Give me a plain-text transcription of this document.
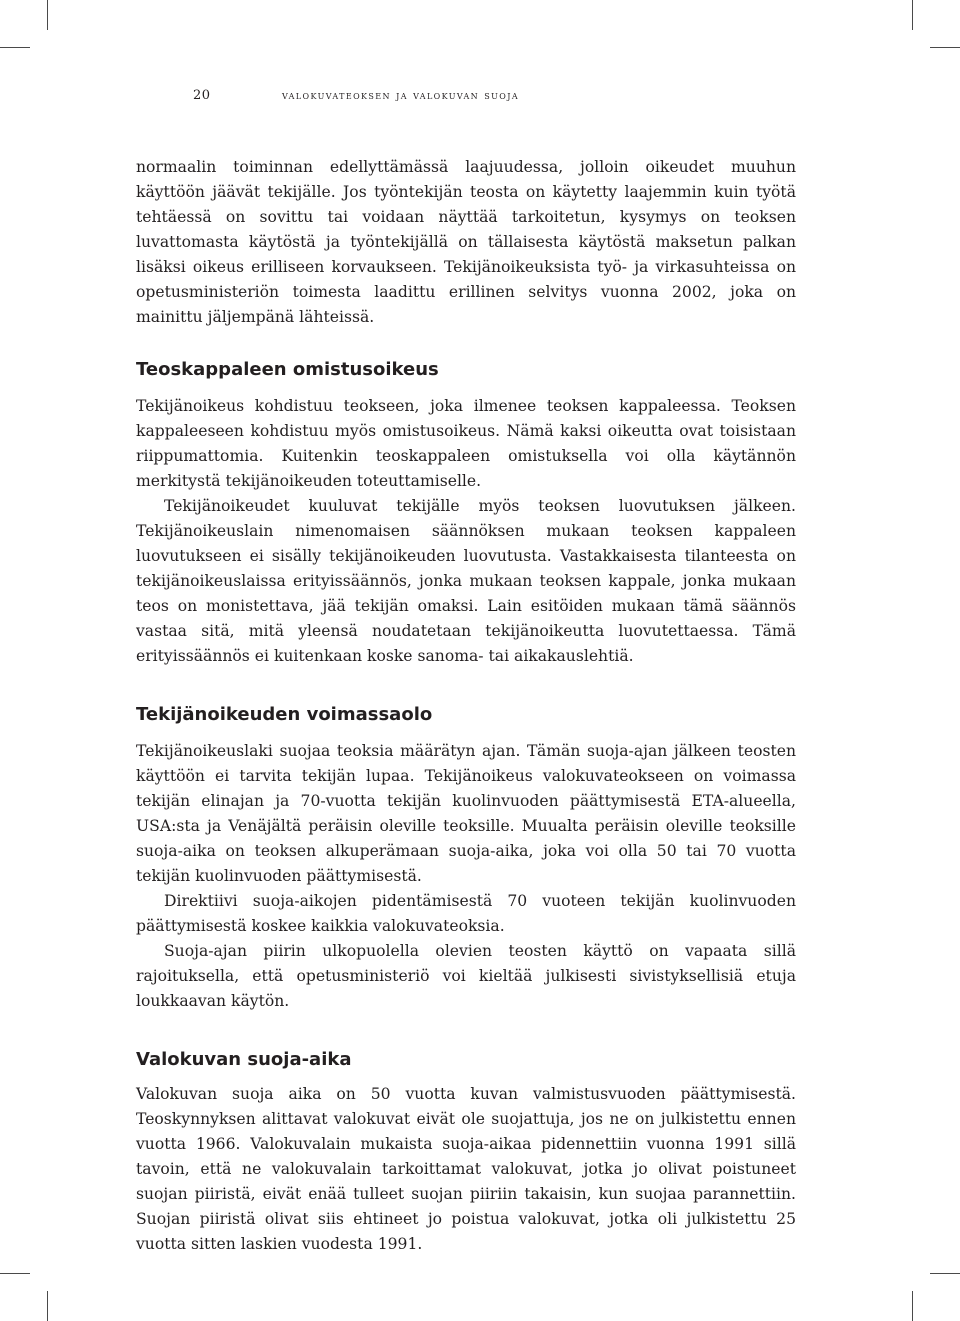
20	valokuvateoksen ja valokuvan suoja

normaalin toiminnan edellyttämässä laajuudessa, jolloin oikeudet muuhun käyttöön jäävät tekijälle. Jos työntekijän teosta on käytetty laajemmin kuin työtä tehtäessä on sovittu tai voidaan näyttää tarkoitetun, kysymys on teoksen luvattomasta käytöstä ja työntekijällä on tällaisesta käytöstä maksetun palkan lisäksi oikeus erilliseen korvaukseen. Tekijänoikeuksista työ- ja virkasuhteissa on opetusministeriön toimesta laadittu erillinen selvitys vuonna 2002, joka on mainittu jäljempänä lähteissä.

Teoskappaleen omistusoikeus

Tekijänoikeus kohdistuu teokseen, joka ilmenee teoksen kappaleessa. Teoksen kappaleeseen kohdistuu myös omistusoikeus. Nämä kaksi oikeutta ovat toisistaan riippumattomia. Kuitenkin teoskappaleen omistuksella voi olla käytännön merkitystä tekijänoikeuden toteuttamiselle.

Tekijänoikeudet kuuluvat tekijälle myös teoksen luovutuksen jälkeen. Tekijänoikeuslain nimenomaisen säännöksen mukaan teoksen kappaleen luovutukseen ei sisälly tekijänoikeuden luovutusta. Vastakkaisesta tilanteesta on tekijänoikeuslaissa erityissäännös, jonka mukaan teoksen kappale, jonka mukaan teos on monistettava, jää tekijän omaksi. Lain esitöiden mukaan tämä säännös vastaa sitä, mitä yleensä noudatetaan tekijänoikeutta luovutettaessa. Tämä erityissäännös ei kuitenkaan koske sanoma- tai aikakauslehtiä.

Tekijänoikeuden voimassaolo

Tekijänoikeuslaki suojaa teoksia määrätyn ajan. Tämän suoja-ajan jälkeen teosten käyttöön ei tarvita tekijän lupaa. Tekijänoikeus valokuvateokseen on voimassa tekijän elinajan ja 70-vuotta tekijän kuolinvuoden päättymisestä ETA-alueella, USA:sta ja Venäjältä peräisin oleville teoksille. Muualta peräisin oleville teoksille suoja-aika on teoksen alkuperämaan suoja-aika, joka voi olla 50 tai 70 vuotta tekijän kuolinvuoden päättymisestä.

Direktiivi suoja-aikojen pidentämisestä 70 vuoteen tekijän kuolinvuoden päättymisestä koskee kaikkia valokuvateoksia.

Suoja-ajan piirin ulkopuolella olevien teosten käyttö on vapaata sillä rajoituksella, että opetusministeriö voi kieltää julkisesti sivistyksellisiä etuja loukkaavan käytön.

Valokuvan suoja-aika

Valokuvan suoja aika on 50 vuotta kuvan valmistusvuoden päättymisestä. Teoskynnyksen alittavat valokuvat eivät ole suojattuja, jos ne on julkistettu ennen vuotta 1966. Valokuvalain mukaista suoja-aikaa pidennettiin vuonna 1991 sillä tavoin, että ne valokuvalain tarkoittamat valokuvat, jotka jo olivat poistuneet suojan piiristä, eivät enää tulleet suojan piiriin takaisin, kun suojaa parannettiin. Suojan piiristä olivat siis ehtineet jo poistua valokuvat, jotka oli julkistettu 25 vuotta sitten laskien vuodesta 1991.
